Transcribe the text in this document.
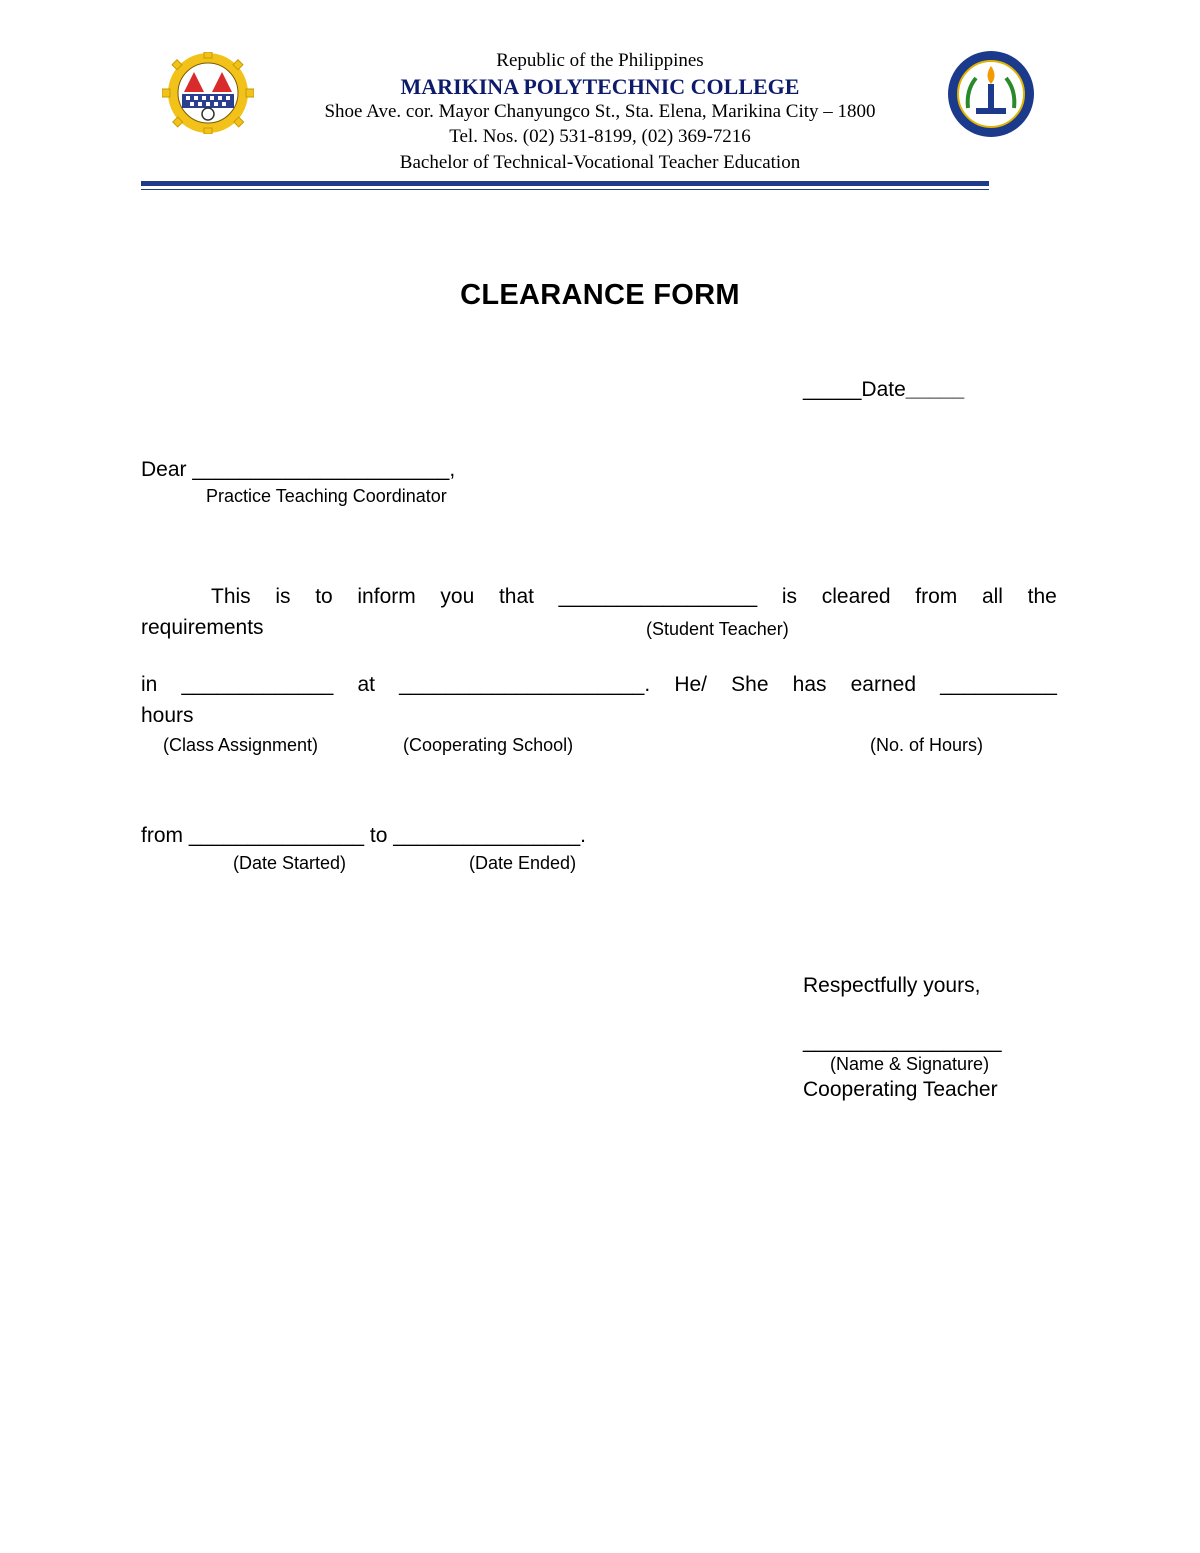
Republic of the Philippines
MARIKINA POLYTECHNIC COLLEGE
Shoe Ave. cor. Mayor Chanyungco St., Sta. Elena, Marikina City – 1800
Tel. Nos. (02) 531-8199, (02) 369-7216
Bachelor of Technical-Vocational Teacher Education
CLEARANCE FORM
_____Date_____
Dear ______________________,
Practice Teaching Coordinator
This is to inform you that _________________ is cleared from all the
requirements	(Student Teacher)
in _____________ at _____________________. He/ She has earned __________
hours
(Class Assignment)	(Cooperating School)	(No. of Hours)
from _______________ to ________________.
(Date Started)	(Date Ended)
Respectfully yours,
_________________
(Name & Signature)
Cooperating Teacher
